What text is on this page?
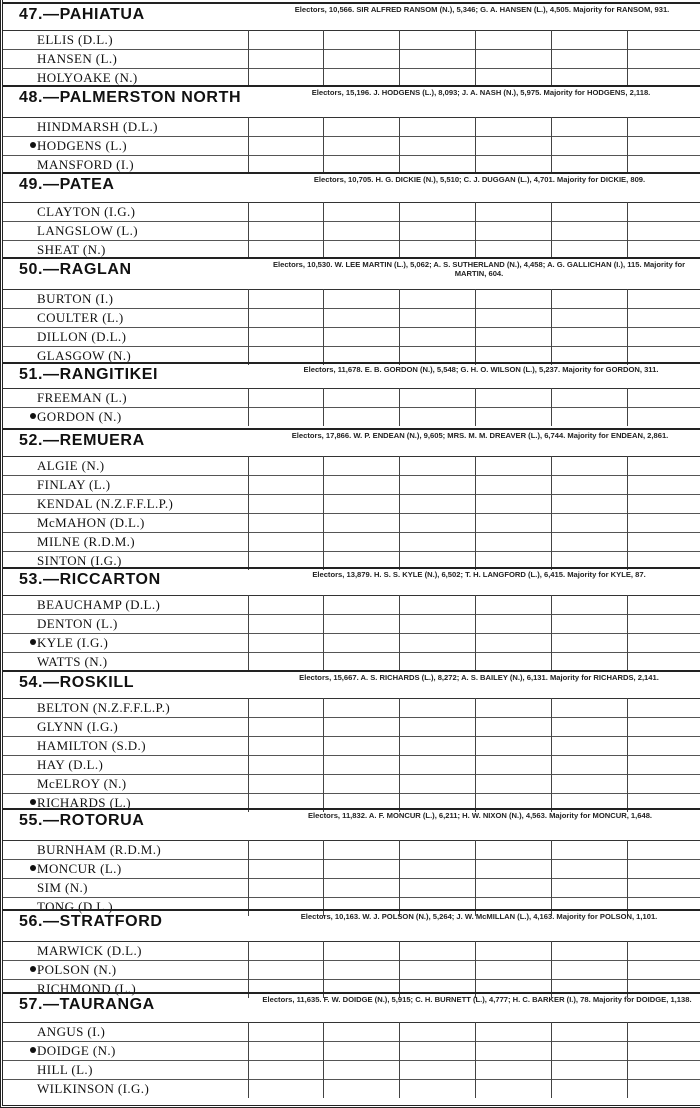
47.—PAHIATUA	Electors, 10,566. SIR ALFRED RANSOM (N.), 5,346; G. A. HANSEN (L.), 4,505. Majority for RANSOM, 931.
ELLIS (D.L.)
HANSEN (L.)
HOLYOAKE (N.)
48.—PALMERSTON NORTH	Electors, 15,196. J. HODGENS (L.), 8,093; J. A. NASH (N.), 5,975. Majority for HODGENS, 2,118.
HINDMARSH (D.L.)
HODGENS (L.)
MANSFORD (I.)
49.—PATEA	Electors, 10,705. H. G. DICKIE (N.), 5,510; C. J. DUGGAN (L.), 4,701. Majority for DICKIE, 809.
CLAYTON (I.G.)
LANGSLOW (L.)
SHEAT (N.)
50.—RAGLAN	Electors, 10,530. W. LEE MARTIN (L.), 5,062; A. S. SUTHERLAND (N.), 4,458; A. G. GALLICHAN (I.), 115. Majority for MARTIN, 604.
BURTON (I.)
COULTER (L.)
DILLON (D.L.)
GLASGOW (N.)
51.—RANGITIKEI	Electors, 11,678. E. B. GORDON (N.), 5,548; G. H. O. WILSON (L.), 5,237. Majority for GORDON, 311.
FREEMAN (L.)
GORDON (N.)
52.—REMUERA	Electors, 17,866. W. P. ENDEAN (N.), 9,605; MRS. M. M. DREAVER (L.), 6,744. Majority for ENDEAN, 2,861.
ALGIE (N.)
FINLAY (L.)
KENDAL (N.Z.F.F.L.P.)
McMAHON (D.L.)
MILNE (R.D.M.)
SINTON (I.G.)
53.—RICCARTON	Electors, 13,879. H. S. S. KYLE (N.), 6,502; T. H. LANGFORD (L.), 6,415. Majority for KYLE, 87.
BEAUCHAMP (D.L.)
DENTON (L.)
KYLE (I.G.)
WATTS (N.)
54.—ROSKILL	Electors, 15,667. A. S. RICHARDS (L.), 8,272; A. S. BAILEY (N.), 6,131. Majority for RICHARDS, 2,141.
BELTON (N.Z.F.F.L.P.)
GLYNN (I.G.)
HAMILTON (S.D.)
HAY (D.L.)
McELROY (N.)
RICHARDS (L.)
55.—ROTORUA	Electors, 11,832. A. F. MONCUR (L.), 6,211; H. W. NIXON (N.), 4,563. Majority for MONCUR, 1,648.
BURNHAM (R.D.M.)
MONCUR (L.)
SIM (N.)
TONG (D.L.)
56.—STRATFORD	Electors, 10,163. W. J. POLSON (N.), 5,264; J. W. McMILLAN (L.), 4,163. Majority for POLSON, 1,101.
MARWICK (D.L.)
POLSON (N.)
RICHMOND (L.)
57.—TAURANGA	Electors, 11,635. F. W. DOIDGE (N.), 5,915; C. H. BURNETT (L.), 4,777; H. C. BARKER (I.), 78. Majority for DOIDGE, 1,138.
ANGUS (I.)
DOIDGE (N.)
HILL (L.)
WILKINSON (I.G.)
